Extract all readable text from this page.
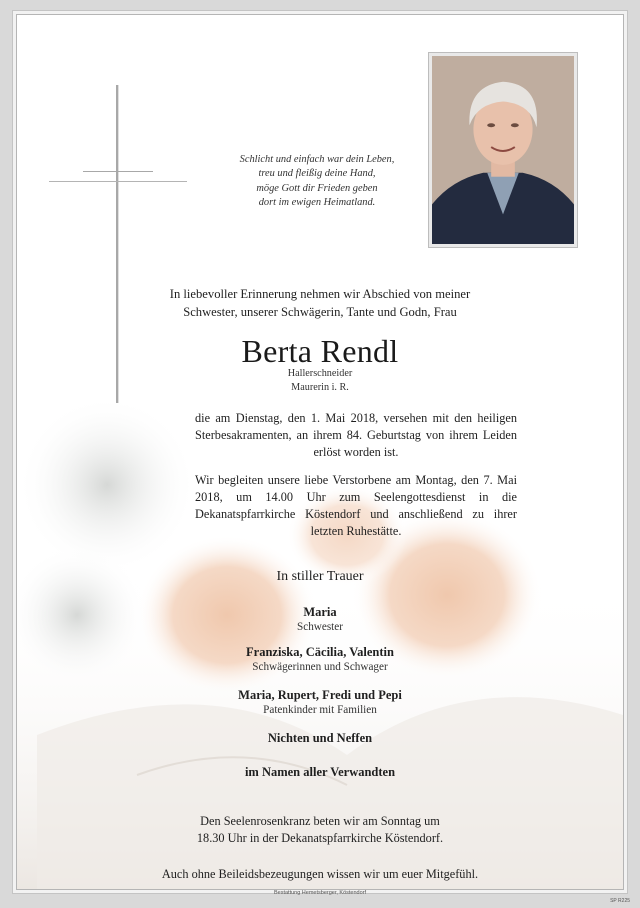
Schlicht und einfach war dein Leben,
treu und fleißig deine Hand,
möge Gott dir Frieden geben
dort im ewigen Heimatland.
In liebevoller Erinnerung nehmen wir Abschied von meiner
Schwester, unserer Schwägerin, Tante und Godn, Frau
Berta Rendl
Hallerschneider
Maurerin i. R.
die am Dienstag, den 1. Mai 2018, versehen mit den heiligen Sterbesakramenten, an ihrem 84. Geburtstag von ihrem Leiden erlöst worden ist.
Wir begleiten unsere liebe Verstorbene am Montag, den 7. Mai 2018, um 14.00 Uhr zum Seelengottesdienst in die Dekanatspfarrkirche Köstendorf und anschließend zu ihrer letzten Ruhestätte.
In stiller Trauer
Maria
Schwester
Franziska, Cäcilia, Valentin
Schwägerinnen und Schwager
Maria, Rupert, Fredi und Pepi
Patenkinder mit Familien
Nichten und Neffen
im Namen aller Verwandten
Den Seelenrosenkranz beten wir am Sonntag um
18.30 Uhr in der Dekanatspfarrkirche Köstendorf.
Auch ohne Beileidsbezeugungen wissen wir um euer Mitgefühl.
Bestattung Hemetsberger, Köstendorf
SP R225
